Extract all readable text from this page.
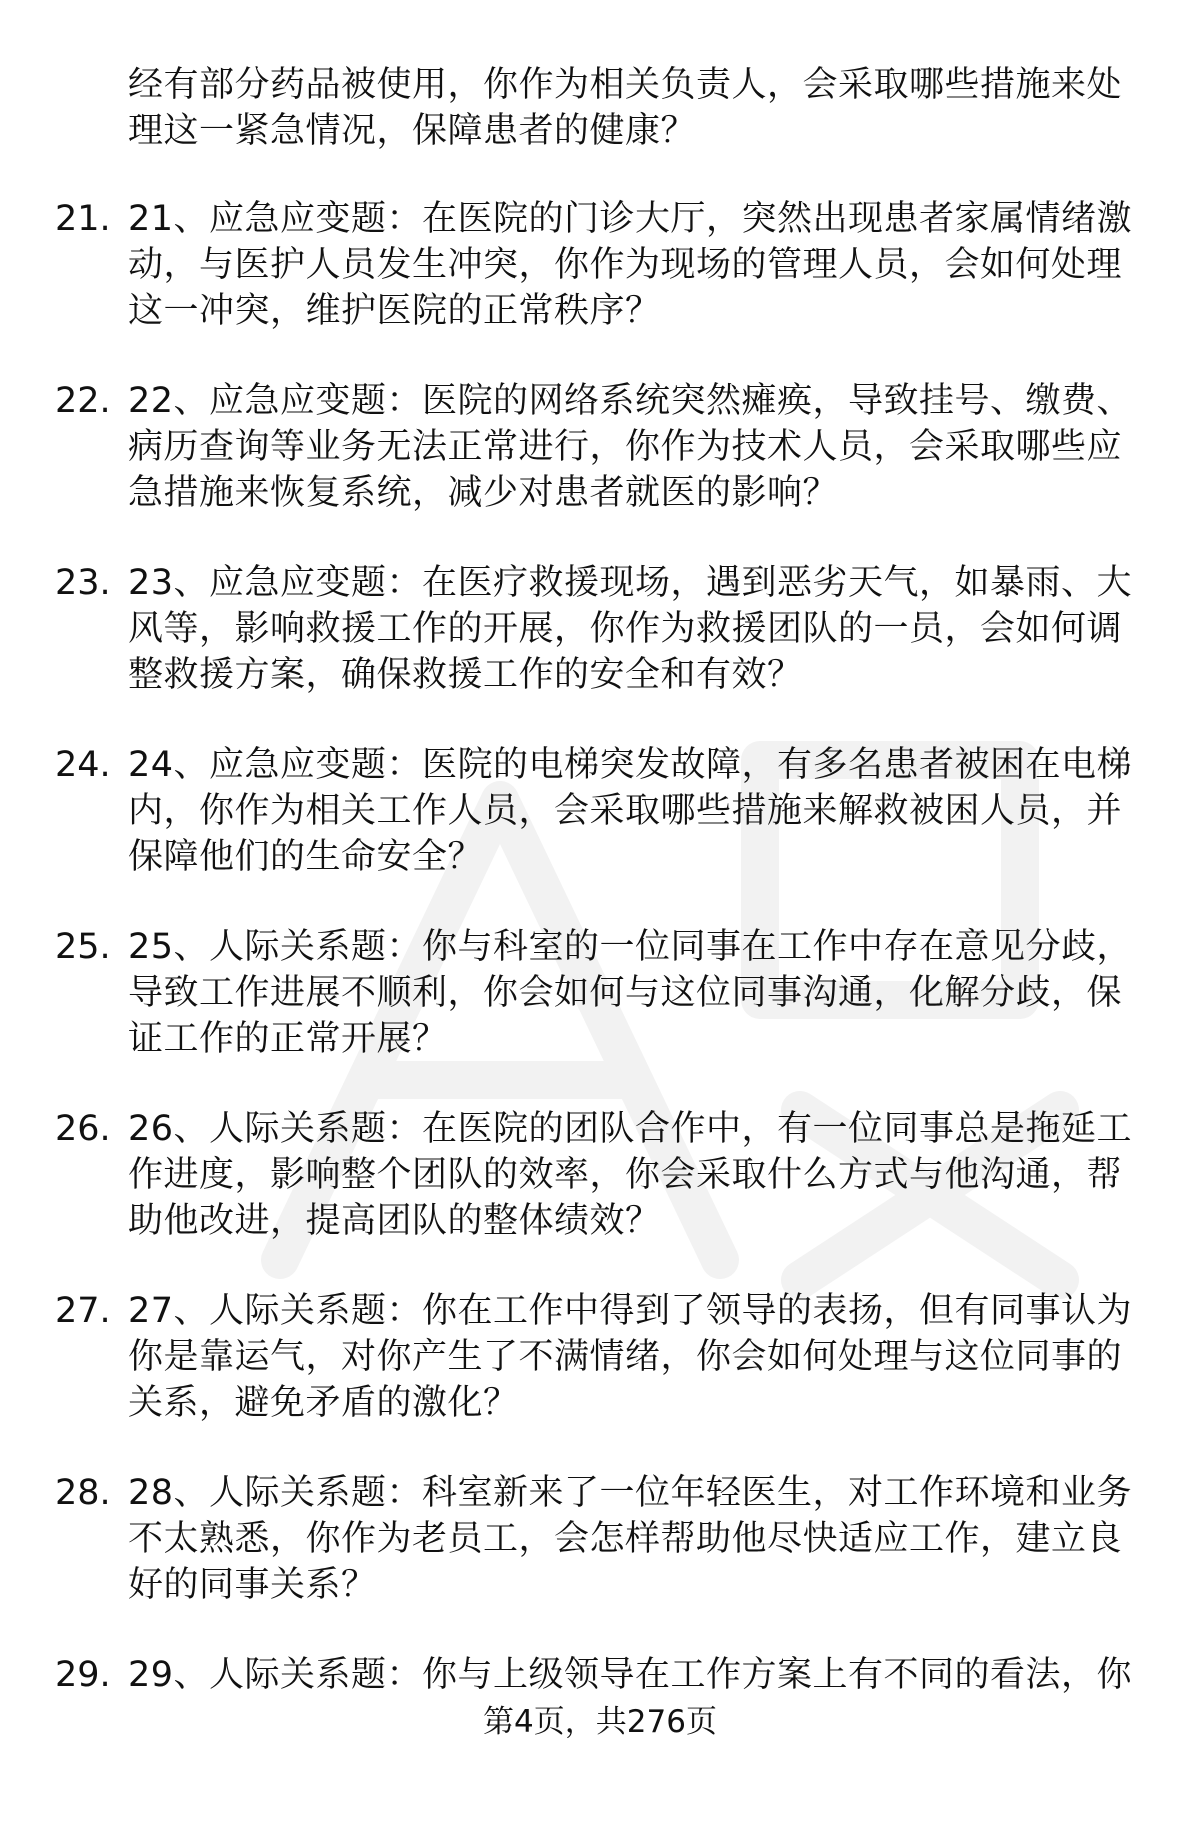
经有部分药品被使用，你作为相关负责人，会采取哪些措施来处理这一紧急情况，保障患者的健康？
21. 21、应急应变题：在医院的门诊大厅，突然出现患者家属情绪激动，与医护人员发生冲突，你作为现场的管理人员，会如何处理这一冲突，维护医院的正常秩序？
22. 22、应急应变题：医院的网络系统突然瘫痪，导致挂号、缴费、病历查询等业务无法正常进行，你作为技术人员，会采取哪些应急措施来恢复系统，减少对患者就医的影响？
23. 23、应急应变题：在医疗救援现场，遇到恶劣天气，如暴雨、大风等，影响救援工作的开展，你作为救援团队的一员，会如何调整救援方案，确保救援工作的安全和有效？
24. 24、应急应变题：医院的电梯突发故障，有多名患者被困在电梯内，你作为相关工作人员，会采取哪些措施来解救被困人员，并保障他们的生命安全？
25. 25、人际关系题：你与科室的一位同事在工作中存在意见分歧，导致工作进展不顺利，你会如何与这位同事沟通，化解分歧，保证工作的正常开展？
26. 26、人际关系题：在医院的团队合作中，有一位同事总是拖延工作进度，影响整个团队的效率，你会采取什么方式与他沟通，帮助他改进，提高团队的整体绩效？
27. 27、人际关系题：你在工作中得到了领导的表扬，但有同事认为你是靠运气，对你产生了不满情绪，你会如何处理与这位同事的关系，避免矛盾的激化？
28. 28、人际关系题：科室新来了一位年轻医生，对工作环境和业务不太熟悉，你作为老员工，会怎样帮助他尽快适应工作，建立良好的同事关系？
29. 29、人际关系题：你与上级领导在工作方案上有不同的看法，你
第4页，共276页
